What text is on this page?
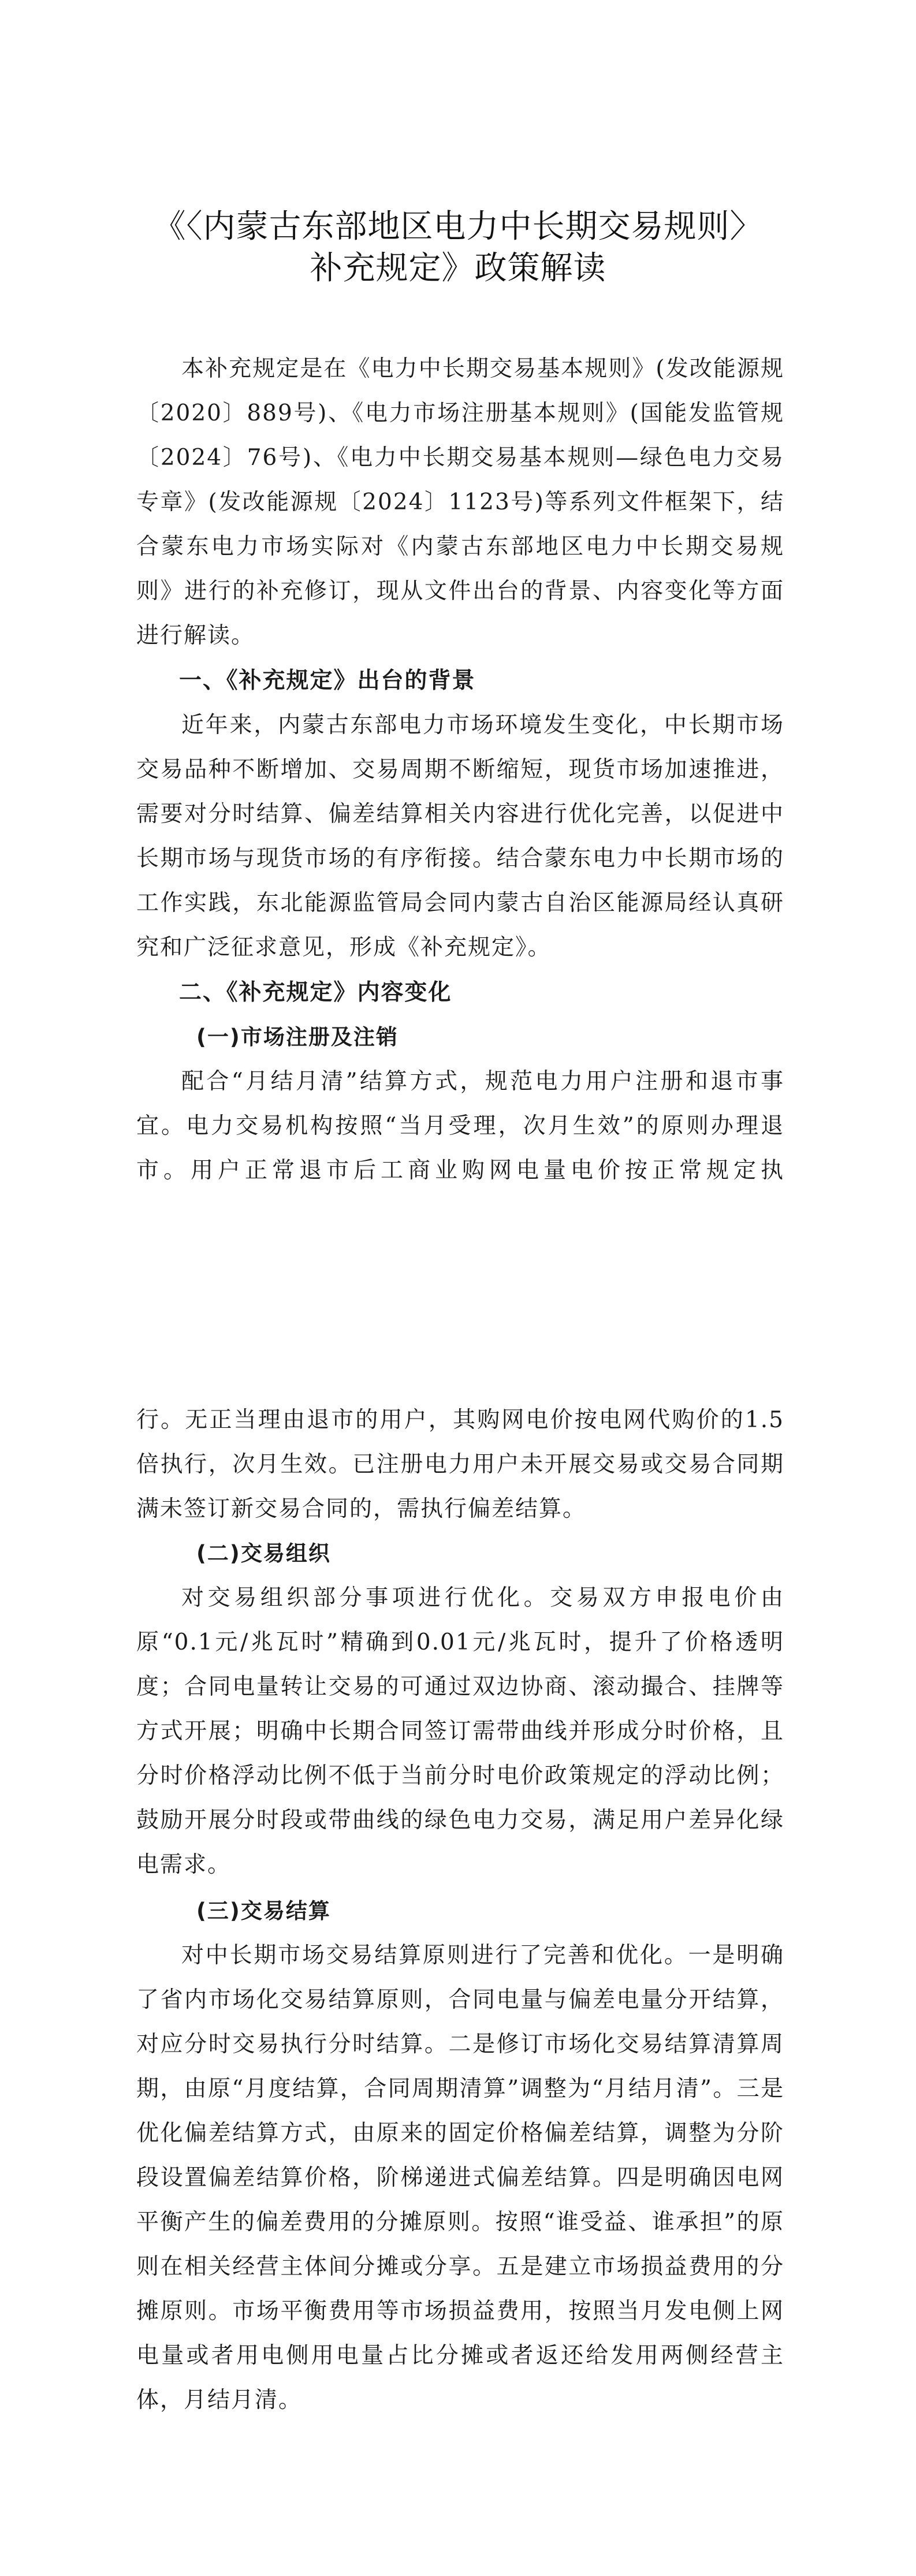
《〈内蒙古东部地区电力中长期交易规则〉
补充规定》政策解读

本补充规定是在《电力中长期交易基本规则》(发改能源规〔2020〕889号)、《电力市场注册基本规则》(国能发监管规〔2024〕76号)、《电力中长期交易基本规则—绿色电力交易专章》(发改能源规〔2024〕1123号)等系列文件框架下，结合蒙东电力市场实际对《内蒙古东部地区电力中长期交易规则》进行的补充修订，现从文件出台的背景、内容变化等方面进行解读。

一、《补充规定》出台的背景

近年来，内蒙古东部电力市场环境发生变化，中长期市场交易品种不断增加、交易周期不断缩短，现货市场加速推进，需要对分时结算、偏差结算相关内容进行优化完善，以促进中长期市场与现货市场的有序衔接。结合蒙东电力中长期市场的工作实践，东北能源监管局会同内蒙古自治区能源局经认真研究和广泛征求意见，形成《补充规定》。

二、《补充规定》内容变化
(一)市场注册及注销

配合“月结月清”结算方式，规范电力用户注册和退市事宜。电力交易机构按照“当月受理，次月生效”的原则办理退市。用户正常退市后工商业购网电量电价按正常规定执

行。无正当理由退市的用户，其购网电价按电网代购价的1.5倍执行，次月生效。已注册电力用户未开展交易或交易合同期满未签订新交易合同的，需执行偏差结算。

(二)交易组织

对交易组织部分事项进行优化。交易双方申报电价由原“0.1元/兆瓦时”精确到0.01元/兆瓦时，提升了价格透明度；合同电量转让交易的可通过双边协商、滚动撮合、挂牌等方式开展；明确中长期合同签订需带曲线并形成分时价格，且分时价格浮动比例不低于当前分时电价政策规定的浮动比例；鼓励开展分时段或带曲线的绿色电力交易，满足用户差异化绿电需求。

(三)交易结算

对中长期市场交易结算原则进行了完善和优化。一是明确了省内市场化交易结算原则，合同电量与偏差电量分开结算，对应分时交易执行分时结算。二是修订市场化交易结算清算周期，由原“月度结算，合同周期清算”调整为“月结月清”。三是优化偏差结算方式，由原来的固定价格偏差结算，调整为分阶段设置偏差结算价格，阶梯递进式偏差结算。四是明确因电网平衡产生的偏差费用的分摊原则。按照“谁受益、谁承担”的原则在相关经营主体间分摊或分享。五是建立市场损益费用的分摊原则。市场平衡费用等市场损益费用，按照当月发电侧上网电量或者用电侧用电量占比分摊或者返还给发用两侧经营主体，月结月清。
